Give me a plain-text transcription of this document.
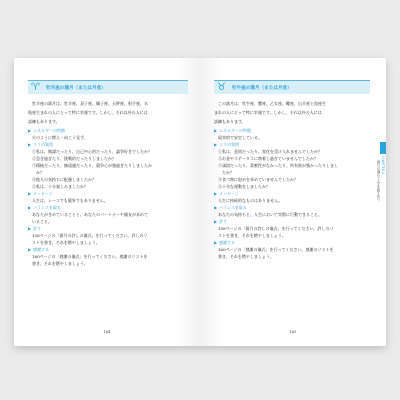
♈	牡羊座の満月（または月食）
牡羊座の満月は、牡羊座、双子座、獅子座、天秤座、射手座、水
瓶座生まれの人にとって特に幸運です。しかし、それ以外の人には
試練もあります。
▶ エネルギーの特徴
火のように燃え・向こう見ず。
▶ ミラの質問
①私は、無謀だったり、自己中心的だったり、論争好きでしたか？
②急ぎ過ぎたり、挑戦的だったりしましたか？
③積極だったり、無遠慮だったり、競争心が強過ぎたりしましたか
　か？
④他人の気持ちに配慮しましたか？
⑤私は、十分楽しみましたか？
▶ メッセージ
人生は、レースでも競争でもありません。
▶ バランスを取る
あなたがきめていることと、あなたのパートナーや親友が求めて
いること。
▶ 許す
158ページの「満月の許しの儀式」を行ってください。許しのリ
ストを書き、それを燃やしましょう。
▶ 感謝する
160ページの「感謝の儀式」を行ってください。感謝のリストを
書き、それを燃やしましょう。
164
♉	牡牛座の満月（または月食）
この満月は、牡牛座、蟹座、乙女座、蠍座、山羊座と魚座生
まれの人にとって特に幸運です。しかし、それ以外の人には
試練もあります。
▶ エネルギーの特徴
現実的で安定している。
▶ ミラの質問
①私は、意固だったり、変化を受け入れませんでしたか？
②お金やステータスに執着し過ぎていませんでしたか？
③頑固だったり、柔軟性がなかったり、所有欲が強かったりしまし
　たか？
④食べ物に慰めを求めていませんでしたか？
⑤十分な運動をしましたか？
▶ メッセージ
人生に持続的なものはありません。
▶ バランスを取る
あなたの気持ちと、人生において実際に行動できること。
▶ 許す
158ページの「満月の許しの儀式」を行ってください。許しのリ
ストを書き、それを燃やしましょう。
▶ 感謝する
160ページの「感謝の儀式」を行ってください。感謝のリストを
書き、それを燃やしましょう。
CHAPTER 4
満月の儀式で人生を解き放つ
165
